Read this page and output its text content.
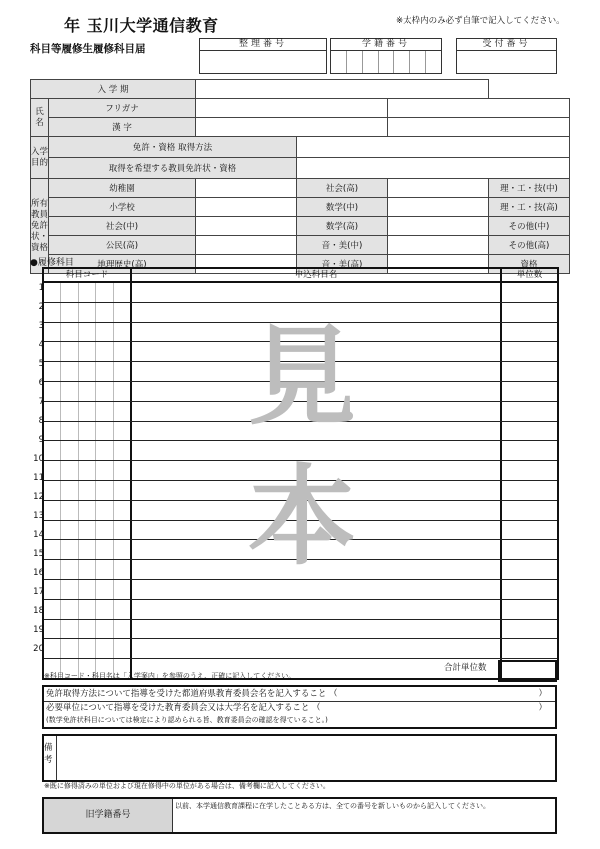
年 玉川大学通信教育
科目等履修生履修科目届
※太枠内のみ必ず自筆で記入してください。
整理番号	学籍番号	受付番号
入 学 期					
氏 名	フリガナ				
	漢 字				
入学目的	免許・資格 取得方法				
	取得を希望する教員免許状・資格				
所有教員免許状・資格	幼稚園		社会(高)		理・工・技(中)
	小学校		数学(中)		理・工・技(高)
	社会(中)		数学(高)		その他(中)
	公民(高)		音・美(中)		その他(高)
	地理歴史(高)		音・美(高)		資格
●履修科目
科目コード	申込科目名	単位数
1
2
3
4
5
6
7
8
9
10
11
12
13
14
15
16
17
18
19
20
見
本
合計単位数
※科目コード・科目名は「入学案内」を参照のうえ、正確に記入してください。
免許取得方法について指導を受けた都道府県教育委員会名を記入すること （	）
必要単位について指導を受けた教育委員会又は大学名を記入すること （	）
(数学免許状科目については検定により認められる旨、教育委員会の確認を得ていること。)
備考
※既に修得済みの単位および現在修得中の単位がある場合は、備考欄に記入してください。
旧学籍番号
以前、本学通信教育課程に在学したことある方は、全ての番号を新しいものから記入してください。
